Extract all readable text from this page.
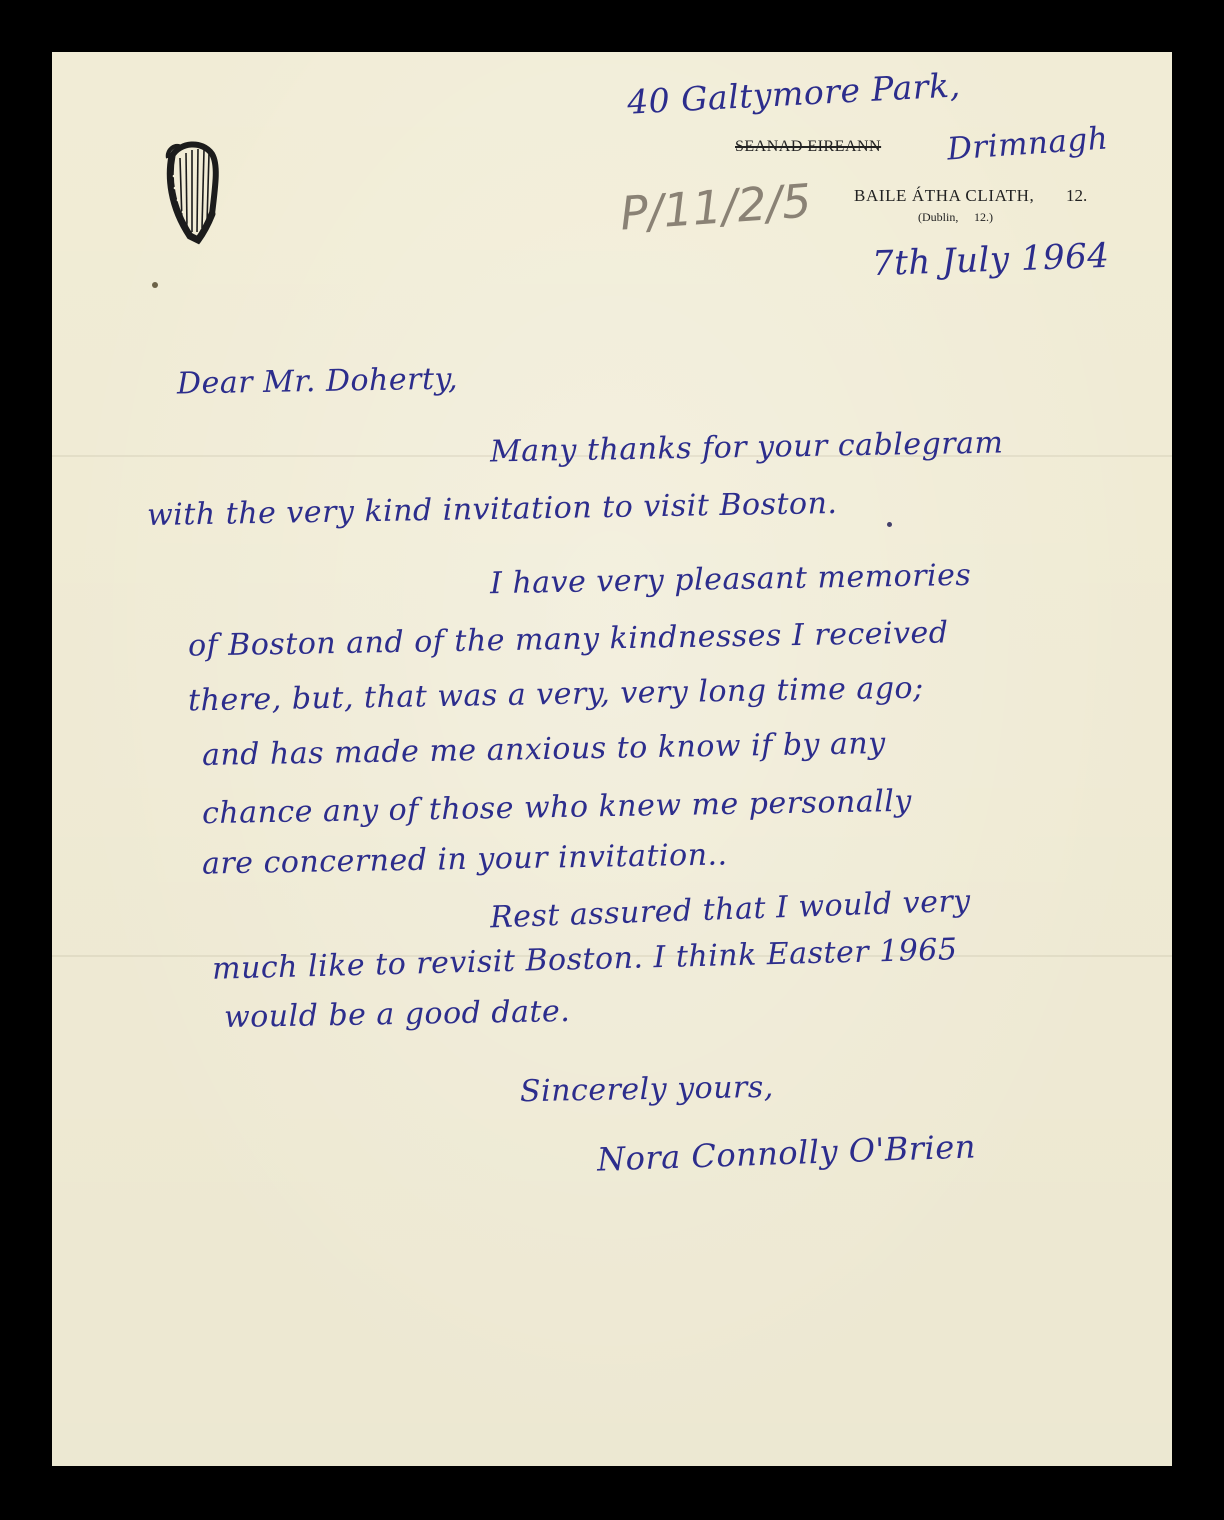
40 Galtymore Park,
SEANAD EIREANN Drimnagh
BAILE ÁTHA CLIATH, 12.
(Dublin, 12.)
P/11/2/5
7th July 1964
Dear Mr. Doherty,
Many thanks for your cablegram
with the very kind invitation to visit Boston.
I have very pleasant memories
of Boston and of the many kindnesses I received
there, but, that was a very, very long time ago;
and has made me anxious to know if by any
chance any of those who knew me personally
are concerned in your invitation..
Rest assured that I would very
much like to revisit Boston. I think Easter 1965
would be a good date.
Sincerely yours,
Nora Connolly O'Brien
